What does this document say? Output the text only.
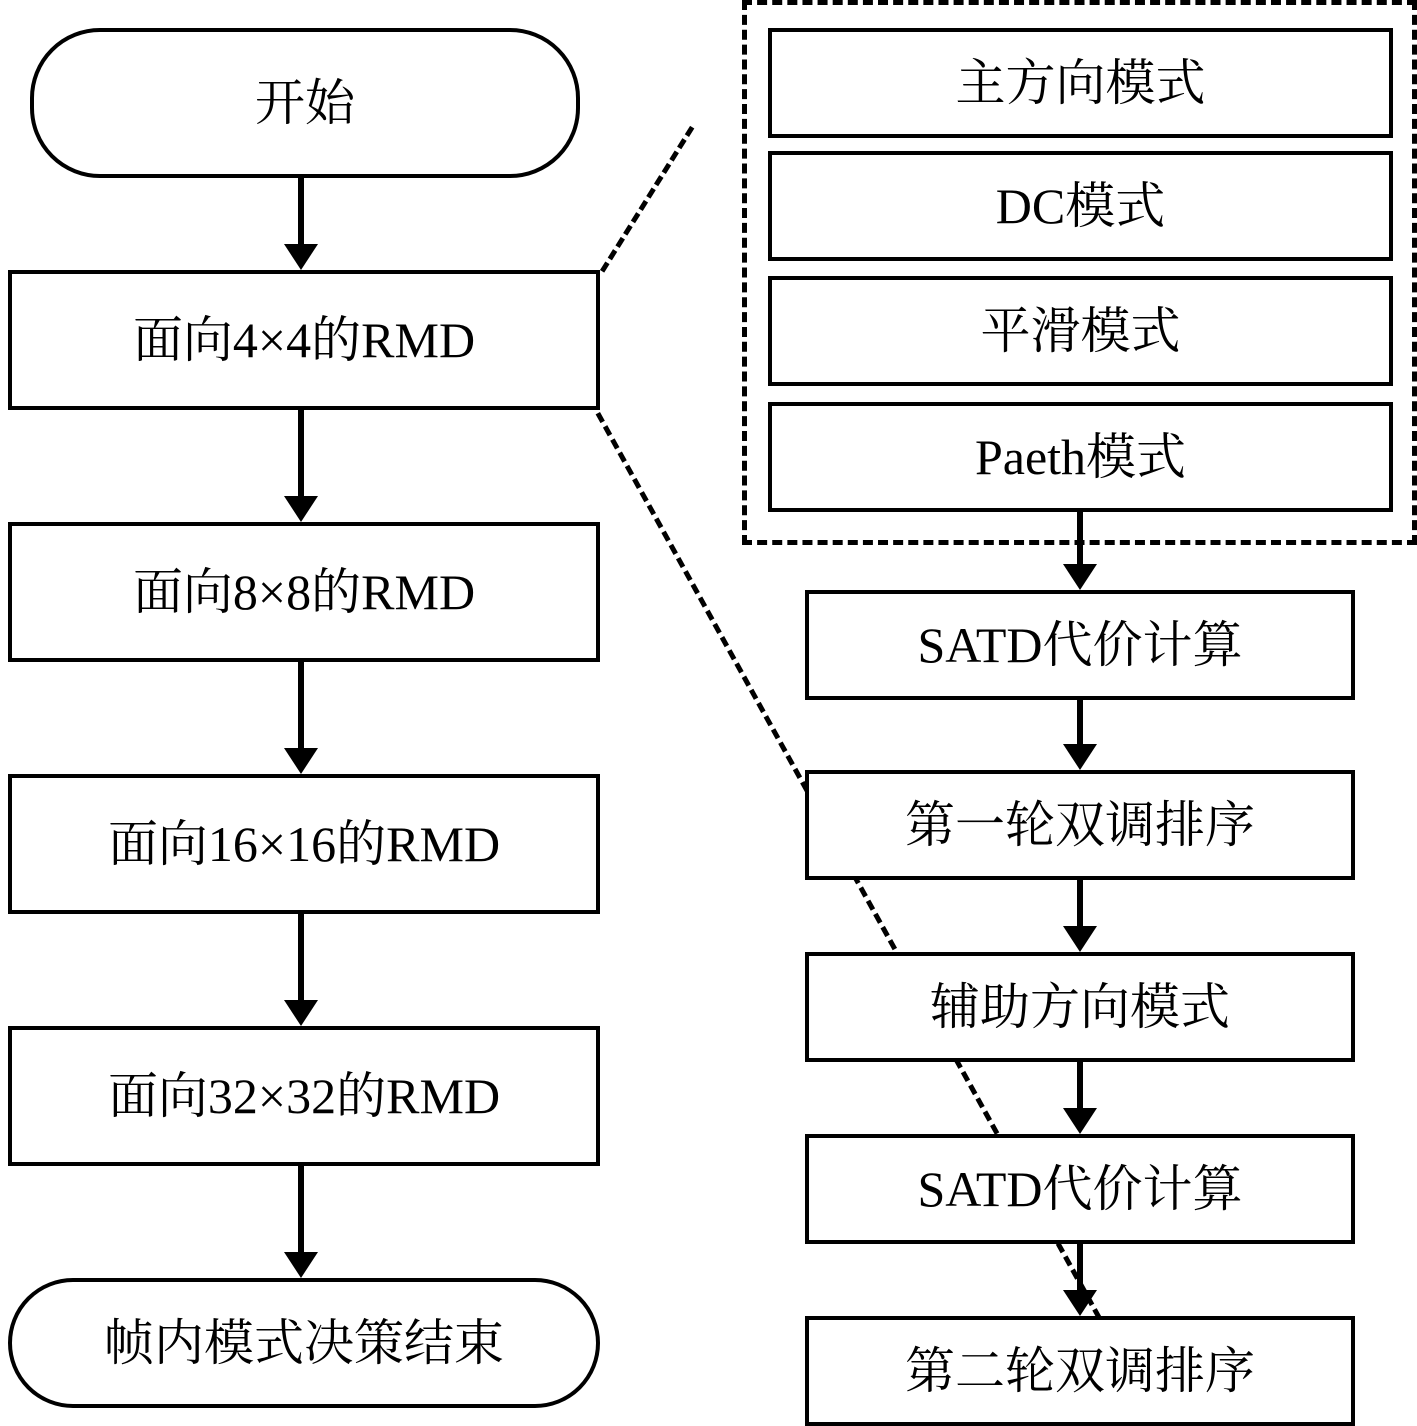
开始
面向4×4的RMD
面向8×8的RMD
面向16×16的RMD
面向32×32的RMD
帧内模式决策结束
主方向模式
DC模式
平滑模式
Paeth模式
SATD代价计算
第一轮双调排序
辅助方向模式
SATD代价计算
第二轮双调排序
